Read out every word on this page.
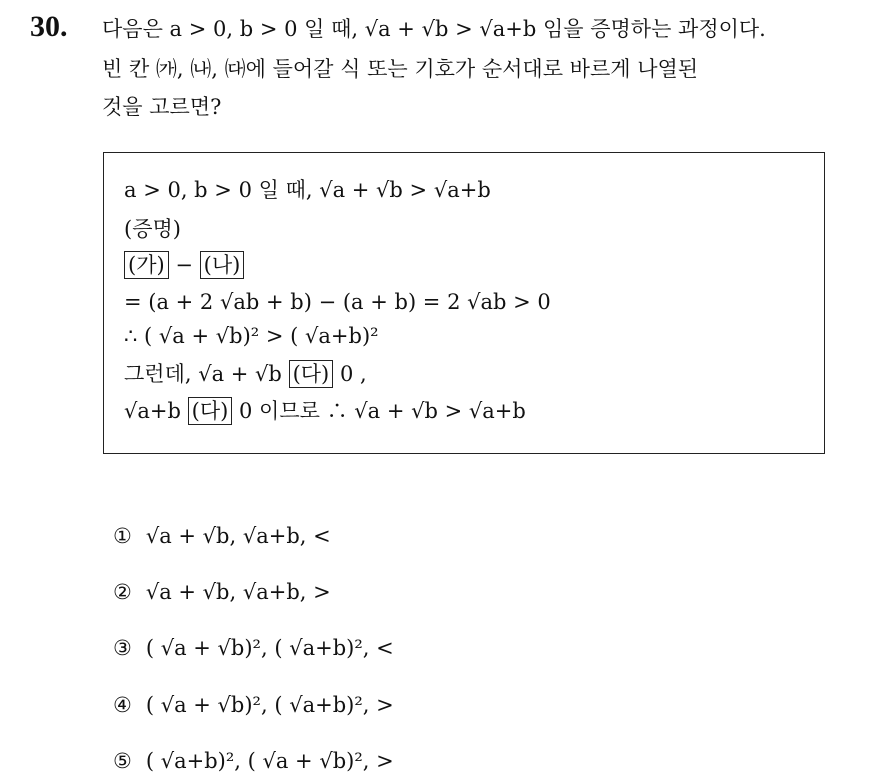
30. 다음은 a > 0, b > 0 일 때, √a + √b > √a+b 임을 증명하는 과정이다.
빈 칸 ㈎, ㈏, ㈐에 들어갈 식 또는 기호가 순서대로 바르게 나열된
것을 고르면?
a > 0, b > 0 일 때, √a + √b > √a+b
(증명)
(가) − (나)
= (a + 2 √ab + b) − (a + b) = 2 √ab > 0
∴ ( √a + √b)² > ( √a+b)²
그런데, √a + √b (다) 0 ,
√a+b (다) 0 이므로 ∴ √a + √b > √a+b
① √a + √b, √a+b, <
② √a + √b, √a+b, >
③ ( √a + √b)², ( √a+b)², <
④ ( √a + √b)², ( √a+b)², >
⑤ ( √a+b)², ( √a + √b)², >
